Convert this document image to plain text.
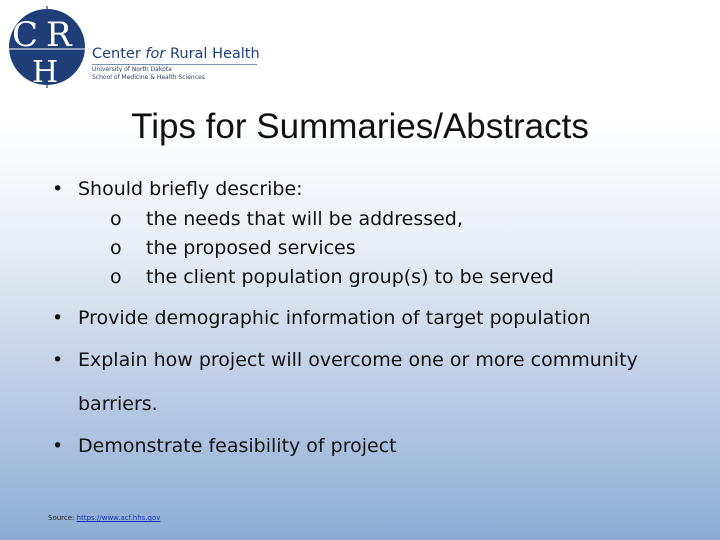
C R
H
Center for Rural Health
University of North Dakota
School of Medicine & Health Sciences
Tips for Summaries/Abstracts
• Should briefly describe:
o the needs that will be addressed,
o the proposed services
o the client population group(s) to be served
• Provide demographic information of target population
• Explain how project will overcome one or more community
barriers.
• Demonstrate feasibility of project
Source: https://www.acf.hhs.gov
